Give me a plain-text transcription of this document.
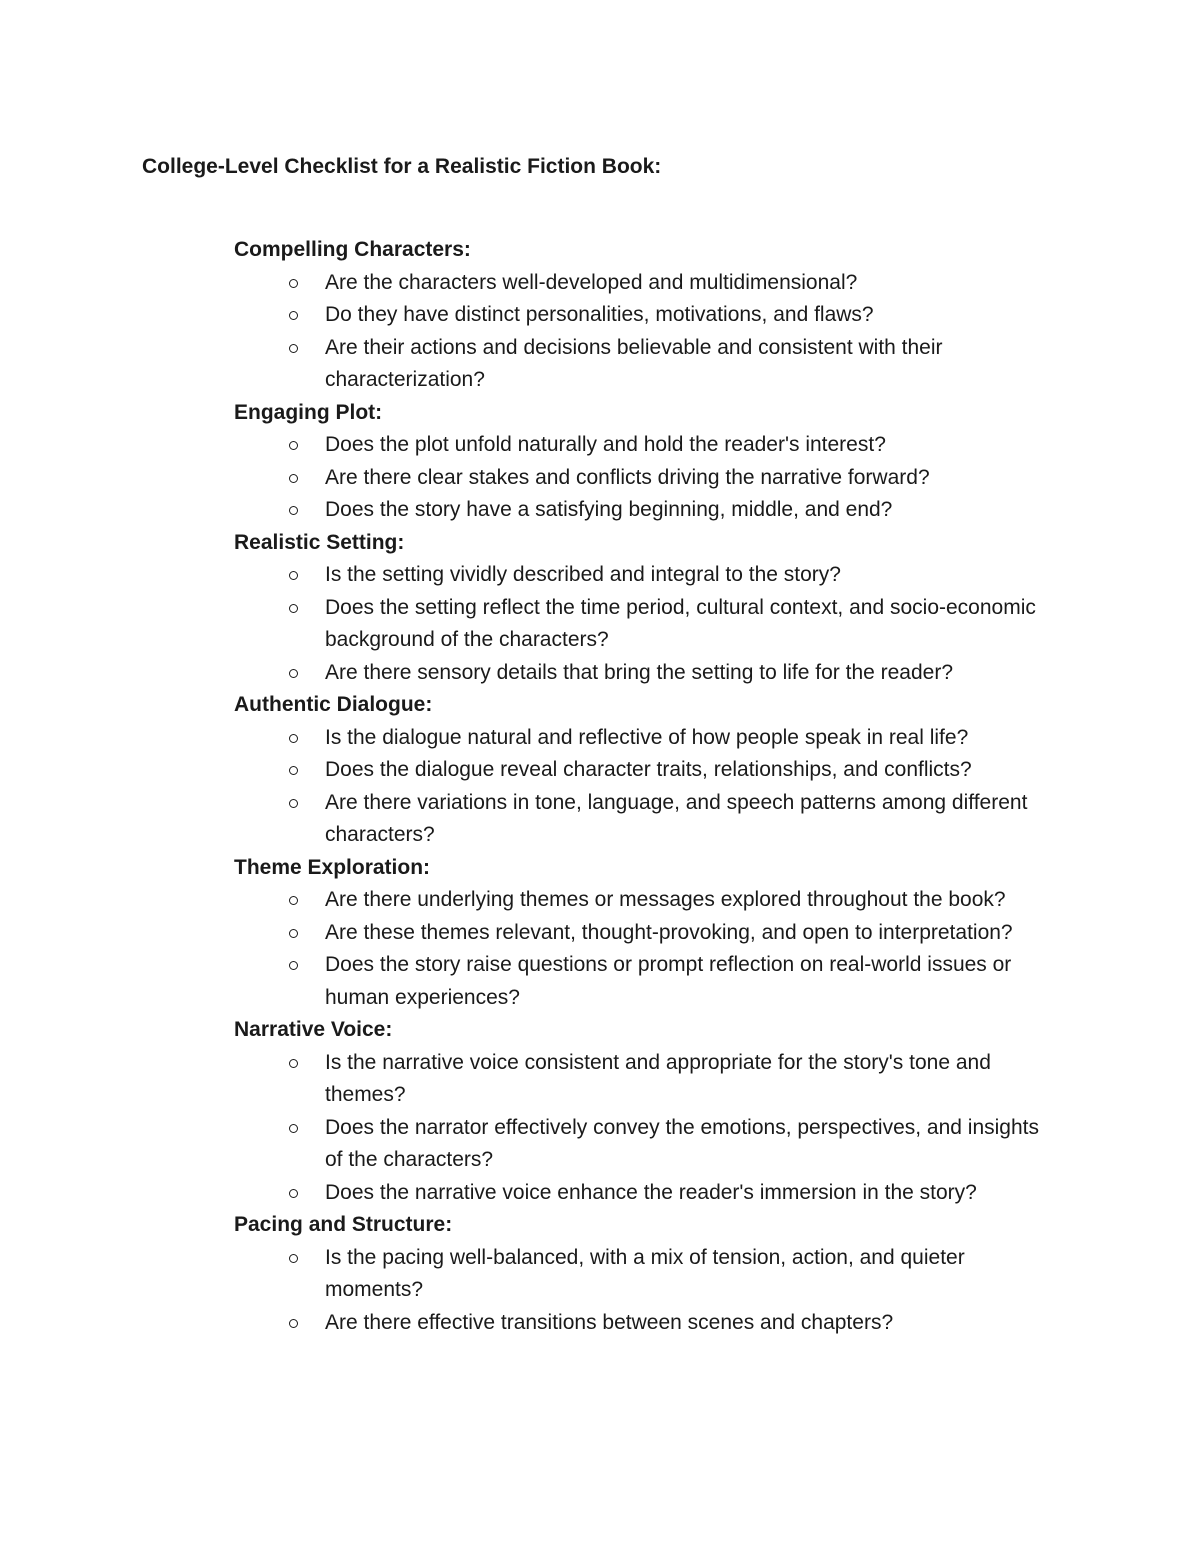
College-Level Checklist for a Realistic Fiction Book:
Compelling Characters:
Are the characters well-developed and multidimensional?
Do they have distinct personalities, motivations, and flaws?
Are their actions and decisions believable and consistent with their characterization?
Engaging Plot:
Does the plot unfold naturally and hold the reader's interest?
Are there clear stakes and conflicts driving the narrative forward?
Does the story have a satisfying beginning, middle, and end?
Realistic Setting:
Is the setting vividly described and integral to the story?
Does the setting reflect the time period, cultural context, and socio-economic background of the characters?
Are there sensory details that bring the setting to life for the reader?
Authentic Dialogue:
Is the dialogue natural and reflective of how people speak in real life?
Does the dialogue reveal character traits, relationships, and conflicts?
Are there variations in tone, language, and speech patterns among different characters?
Theme Exploration:
Are there underlying themes or messages explored throughout the book?
Are these themes relevant, thought-provoking, and open to interpretation?
Does the story raise questions or prompt reflection on real-world issues or human experiences?
Narrative Voice:
Is the narrative voice consistent and appropriate for the story's tone and themes?
Does the narrator effectively convey the emotions, perspectives, and insights of the characters?
Does the narrative voice enhance the reader's immersion in the story?
Pacing and Structure:
Is the pacing well-balanced, with a mix of tension, action, and quieter moments?
Are there effective transitions between scenes and chapters?
